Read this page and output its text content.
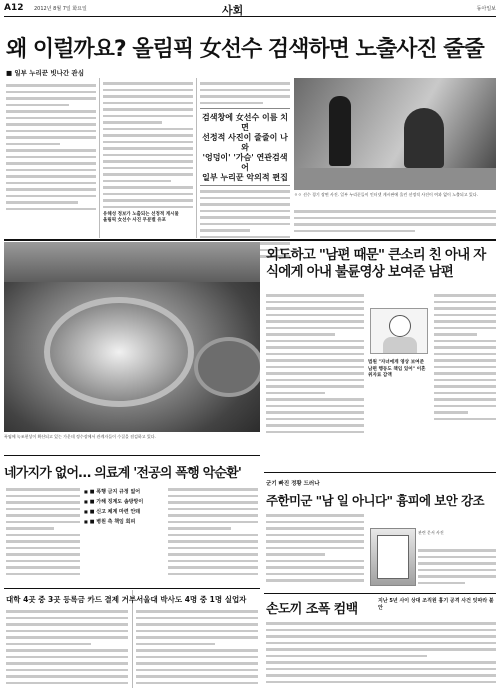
A12 2012년 8월 7일 화요일	사회	동아일보
왜 이럴까요? 올림픽 女선수 검색하면 노출사진 줄줄
■ 일부 누리꾼 빗나간 관심
유해성 정보가 노출되는 선정적 게시물
올림픽 女선수 사진 무분별 유포
검색창에 女선수 이름 치면
선정적 사진이 줄줄이 나와
'엉덩이' '가슴' 연관검색어
일부 누리꾼 악의적 편집
ㅇㅇ 선수 경기 장면 사진. 일부 누리꾼들이 인터넷 게시판에 올린 선정적 사진이 여과 없이 노출되고 있다.
폭염에 녹조현상이 확산되고 있는 가운데 정수장에서 관계자들이 수질을 점검하고 있다.
외도하고 "남편 때문" 큰소리 친 아내 자식에게 아내 불륜영상 보여준 남편
법원 "자녀에게 영상 보여준 남편 행동도 책임 있어" 이혼 위자료 감액
네가지가 없어… 의료계 '전공의 폭행 악순환'
■ ■ 폭행 금지 규정 없어
■ ■ 가해 징계도 솜방망이
■ ■ 신고 체계 마련 안돼
■ ■ 병원 측 책임 회피
군기 빠진 정황 드러나
주한미군 "남 일 아니다" 흉피에 보안 강조
관련 문서 사진
대학 4곳 중 3곳 등록금 카드 결제 거부 서울대 박사도 4명 중 1명 실업자
손도끼 조폭 컴백
지난 5년 사이 상대 조직원 흉기 공격 사건 잇따라 불안
